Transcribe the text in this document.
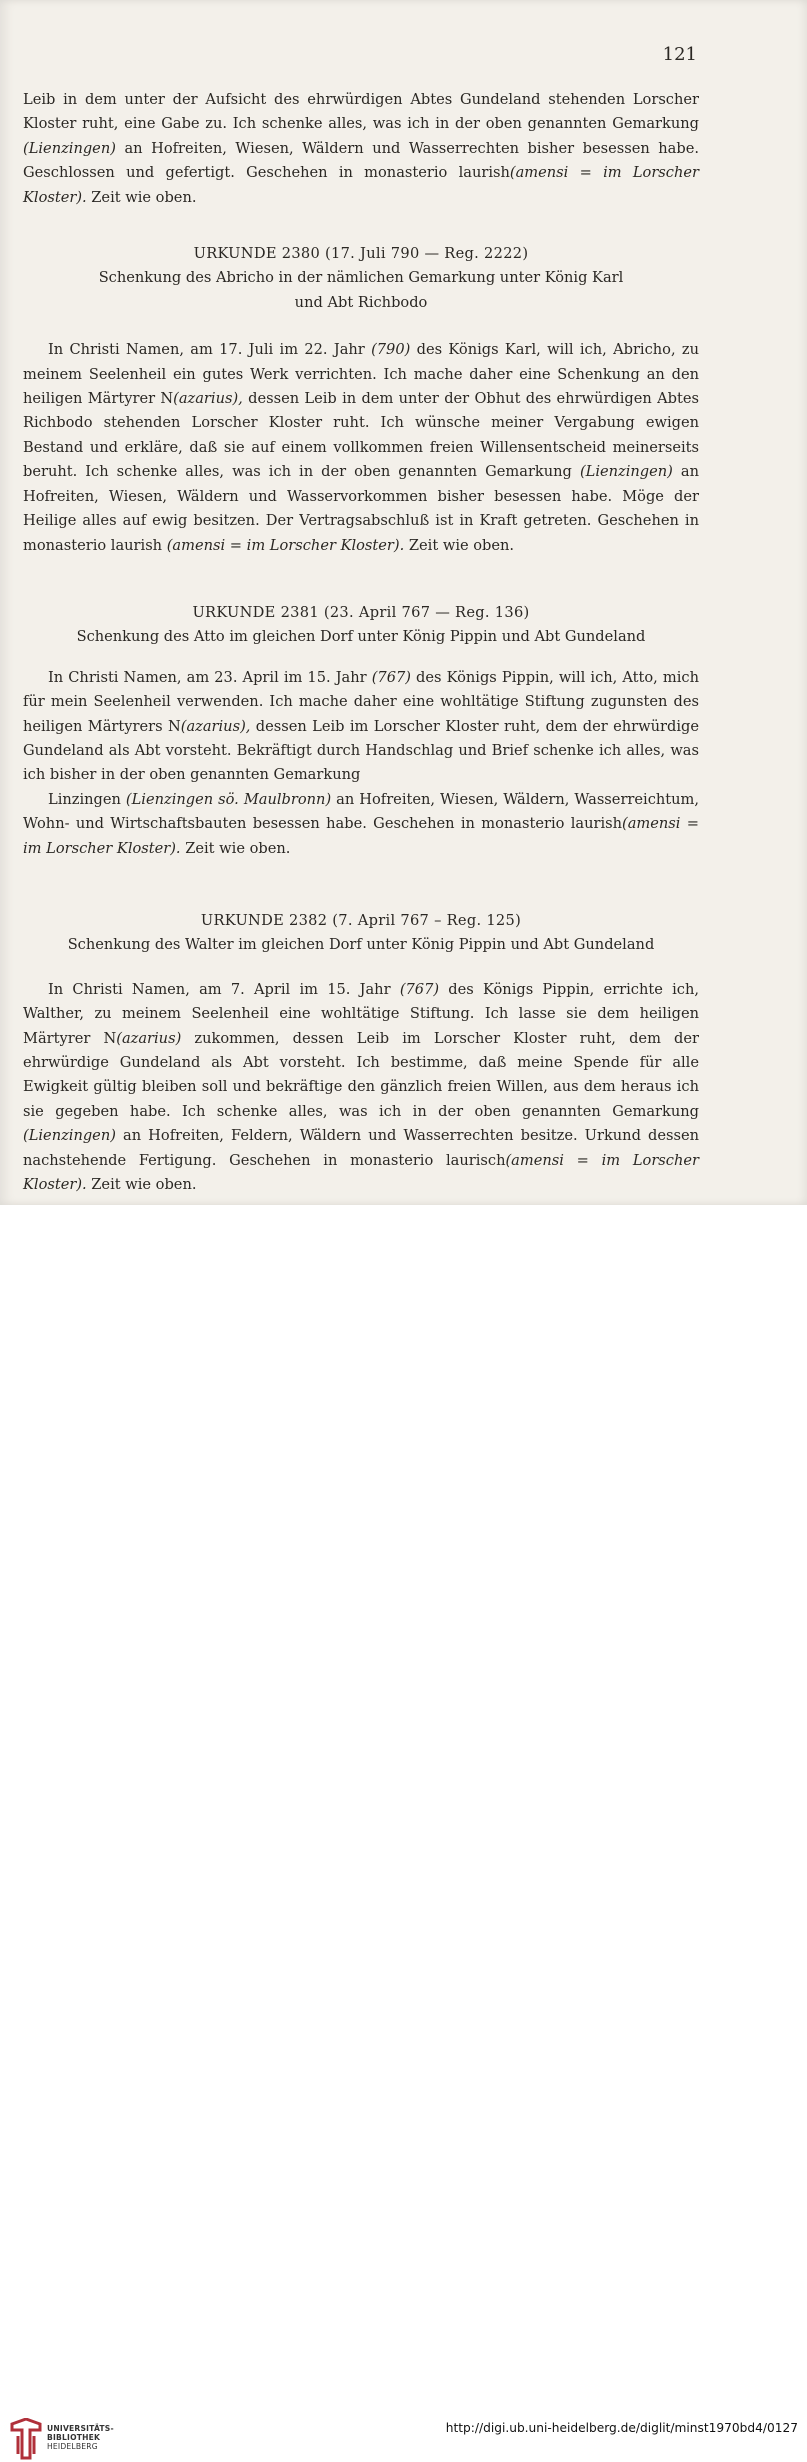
121

Leib in dem unter der Aufsicht des ehrwürdigen Abtes Gundeland stehenden Lorscher Kloster ruht, eine Gabe zu. Ich schenke alles, was ich in der oben genannten Gemarkung (Lienzingen) an Hofreiten, Wiesen, Wäldern und Wasserrechten bisher besessen habe. Geschlossen und gefertigt. Geschehen in monasterio laurish(amensi = im Lorscher Kloster). Zeit wie oben.

URKUNDE 2380 (17. Juli 790 — Reg. 2222)

Schenkung des Abricho in der nämlichen Gemarkung unter König Karl

und Abt Richbodo

In Christi Namen, am 17. Juli im 22. Jahr (790) des Königs Karl, will ich, Abricho, zu meinem Seelenheil ein gutes Werk verrichten. Ich mache daher eine Schenkung an den heiligen Märtyrer N(azarius), dessen Leib in dem unter der Obhut des ehrwürdigen Abtes Richbodo stehenden Lorscher Kloster ruht. Ich wünsche meiner Vergabung ewigen Bestand und erkläre, daß sie auf einem vollkommen freien Willensentscheid meinerseits beruht. Ich schenke alles, was ich in der oben genannten Gemarkung (Lienzingen) an Hofreiten, Wiesen, Wäldern und Wasservorkommen bisher besessen habe. Möge der Heilige alles auf ewig besitzen. Der Vertragsabschluß ist in Kraft getreten. Geschehen in monasterio laurish (amensi = im Lorscher Kloster). Zeit wie oben.

URKUNDE 2381 (23. April 767 — Reg. 136)

Schenkung des Atto im gleichen Dorf unter König Pippin und Abt Gundeland

In Christi Namen, am 23. April im 15. Jahr (767) des Königs Pippin, will ich, Atto, mich für mein Seelenheil verwenden. Ich mache daher eine wohltätige Stiftung zugunsten des heiligen Märtyrers N(azarius), dessen Leib im Lorscher Kloster ruht, dem der ehrwürdige Gundeland als Abt vorsteht. Bekräftigt durch Handschlag und Brief schenke ich alles, was ich bisher in der oben genannten Gemarkung

Linzingen (Lienzingen sö. Maulbronn) an Hofreiten, Wiesen, Wäldern, Wasserreichtum, Wohn- und Wirtschaftsbauten besessen habe. Geschehen in monasterio laurish(amensi = im Lorscher Kloster). Zeit wie oben.

URKUNDE 2382 (7. April 767 – Reg. 125)

Schenkung des Walter im gleichen Dorf unter König Pippin und Abt Gundeland

In Christi Namen, am 7. April im 15. Jahr (767) des Königs Pippin, errichte ich, Walther, zu meinem Seelenheil eine wohltätige Stiftung. Ich lasse sie dem heiligen Märtyrer N(azarius) zukommen, dessen Leib im Lorscher Kloster ruht, dem der ehrwürdige Gundeland als Abt vorsteht. Ich bestimme, daß meine Spende für alle Ewigkeit gültig bleiben soll und bekräftige den gänzlich freien Willen, aus dem heraus ich sie gegeben habe. Ich schenke alles, was ich in der oben genannten Gemarkung (Lienzingen) an Hofreiten, Feldern, Wäldern und Wasserrechten besitze. Urkund dessen nachstehende Fertigung. Geschehen in monasterio laurisch(amensi = im Lorscher Kloster). Zeit wie oben.

UNIVERSITÄTS-
BIBLIOTHEK
HEIDELBERG
http://digi.ub.uni-heidelberg.de/diglit/minst1970bd4/0127
